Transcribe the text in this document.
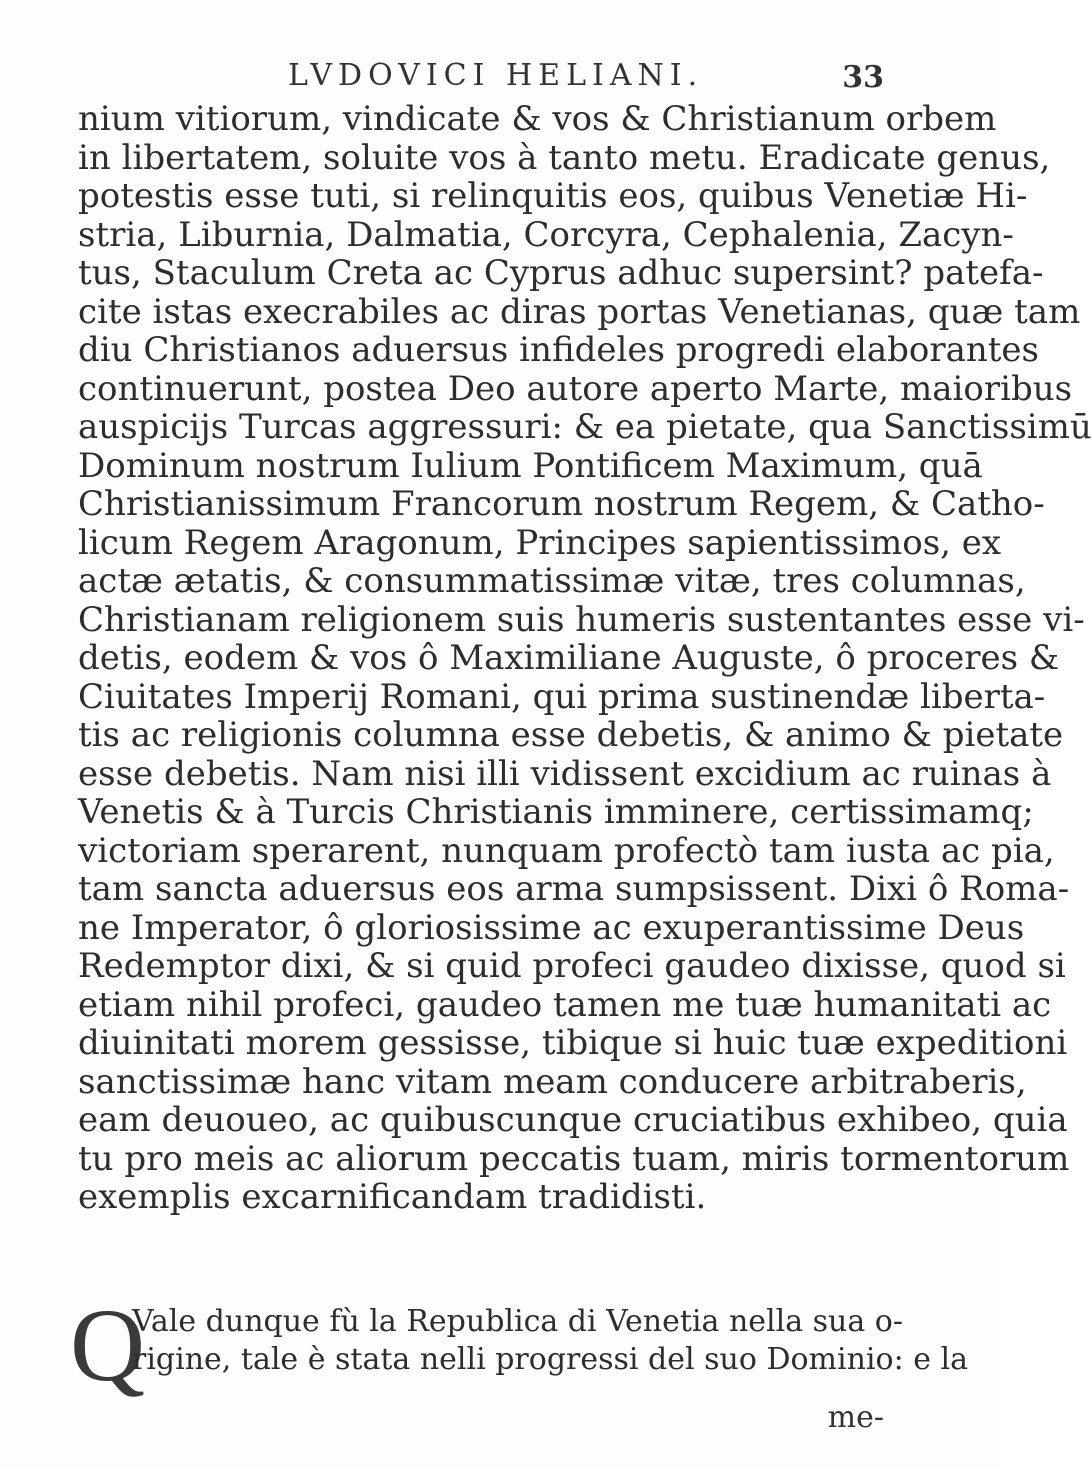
LVDOVICI HELIANI.	33
nium vitiorum, vindicate & vos & Christianum orbem
in libertatem, soluite vos à tanto metu. Eradicate genus,
potestis esse tuti, si relinquitis eos, quibus Venetiæ Hi-
stria, Liburnia, Dalmatia, Corcyra, Cephalenia, Zacyn-
tus, Staculum Creta ac Cyprus adhuc supersint? patefa-
cite istas execrabiles ac diras portas Venetianas, quæ tam
diu Christianos aduersus infideles progredi elaborantes
continuerunt, postea Deo autore aperto Marte, maioribus
auspicijs Turcas aggressuri: & ea pietate, qua Sanctissimū
Dominum nostrum Iulium Pontificem Maximum, quā
Christianissimum Francorum nostrum Regem, & Catho-
licum Regem Aragonum, Principes sapientissimos, ex
actæ ætatis, & consummatissimæ vitæ, tres columnas,
Christianam religionem suis humeris sustentantes esse vi-
detis, eodem & vos ô Maximiliane Auguste, ô proceres &
Ciuitates Imperij Romani, qui prima sustinendæ liberta-
tis ac religionis columna esse debetis, & animo & pietate
esse debetis. Nam nisi illi vidissent excidium ac ruinas à
Venetis & à Turcis Christianis imminere, certissimamq;
victoriam sperarent, nunquam profectò tam iusta ac pia,
tam sancta aduersus eos arma sumpsissent. Dixi ô Roma-
ne Imperator, ô gloriosissime ac exuperantissime Deus
Redemptor dixi, & si quid profeci gaudeo dixisse, quod si
etiam nihil profeci, gaudeo tamen me tuæ humanitati ac
diuinitati morem gessisse, tibique si huic tuæ expeditioni
sanctissimæ hanc vitam meam conducere arbitraberis,
eam deuoueo, ac quibuscunque cruciatibus exhibeo, quia
tu pro meis ac aliorum peccatis tuam, miris tormentorum
exemplis excarnificandam tradidisti.
Q
Vale dunque fù la Republica di Venetia nella sua o-
rigine, tale è stata nelli progressi del suo Dominio: e la
me-
